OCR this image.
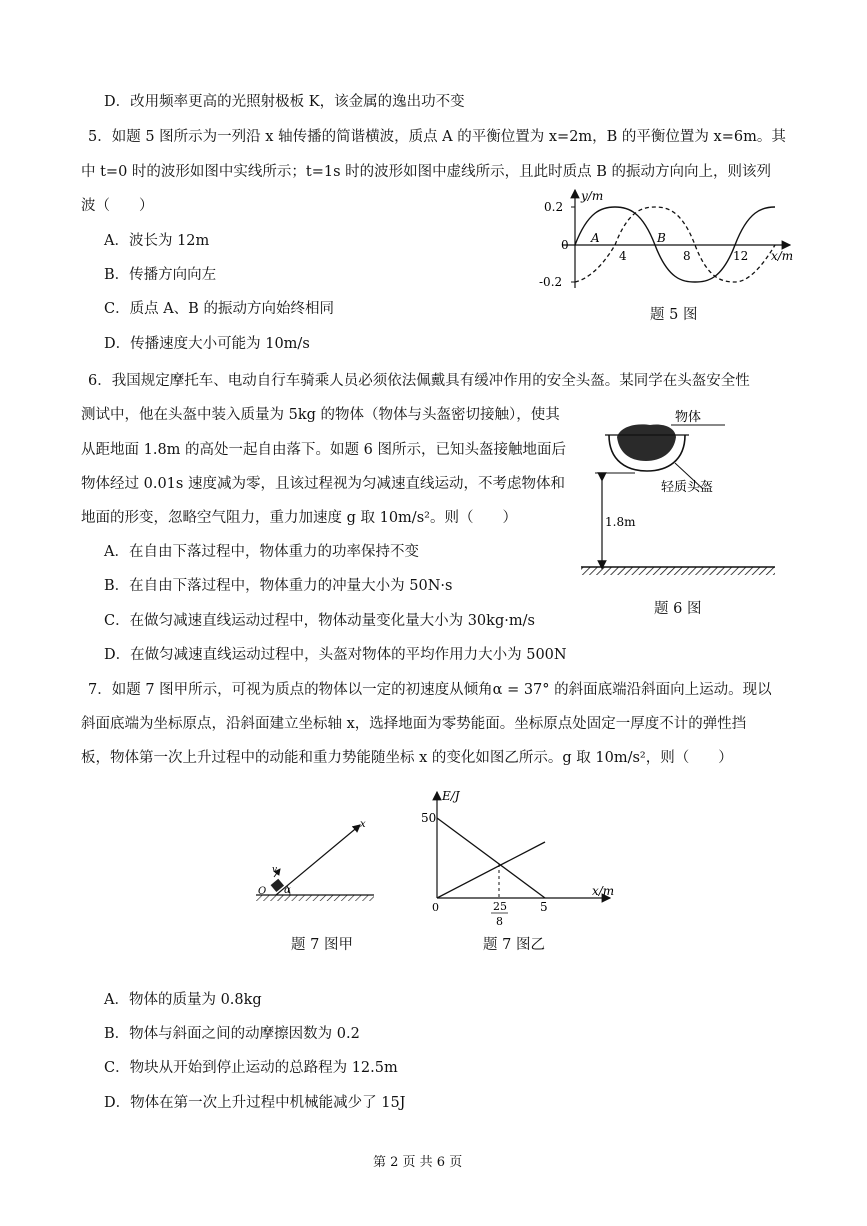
D．改用频率更高的光照射极板 K，该金属的逸出功不变
5．如题 5 图所示为一列沿 x 轴传播的简谐横波，质点 A 的平衡位置为 x=2m，B 的平衡位置为 x=6m。其
中 t=0 时的波形如图中实线所示；t=1s 时的波形如图中虚线所示，且此时质点 B 的振动方向向上，则该列
波（　　）
A．波长为 12m
B．传播方向向左
C．质点 A、B 的振动方向始终相同
D．传播速度大小可能为 10m/s
y/m
x/m
0.2
-0.2
0
4	8	12
A	B
题 5 图
6．我国规定摩托车、电动自行车骑乘人员必须依法佩戴具有缓冲作用的安全头盔。某同学在头盔安全性
测试中，他在头盔中装入质量为 5kg 的物体（物体与头盔密切接触），使其
从距地面 1.8m 的高处一起自由落下。如题 6 图所示，已知头盔接触地面后
物体经过 0.01s 速度减为零，且该过程视为匀减速直线运动，不考虑物体和
地面的形变，忽略空气阻力，重力加速度 g 取 10m/s²。则（　　）
A．在自由下落过程中，物体重力的功率保持不变
B．在自由下落过程中，物体重力的冲量大小为 50N·s
C．在做匀减速直线运动过程中，物体动量变化量大小为 30kg·m/s
D．在做匀减速直线运动过程中，头盔对物体的平均作用力大小为 500N
物体
轻质头盔
1.8m
题 6 图
7．如题 7 图甲所示，可视为质点的物体以一定的初速度从倾角α = 37° 的斜面底端沿斜面向上运动。现以
斜面底端为坐标原点，沿斜面建立坐标轴 x，选择地面为零势能面。坐标原点处固定一厚度不计的弹性挡
板，物体第一次上升过程中的动能和重力势能随坐标 x 的变化如图乙所示。g 取 10m/s²，则（　　）
x
O α
v
题 7 图甲
E/J
x/m
50
5
0	25
8
题 7 图乙
A．物体的质量为 0.8kg
B．物体与斜面之间的动摩擦因数为 0.2
C．物块从开始到停止运动的总路程为 12.5m
D．物体在第一次上升过程中机械能减少了 15J
第 2 页 共 6 页
